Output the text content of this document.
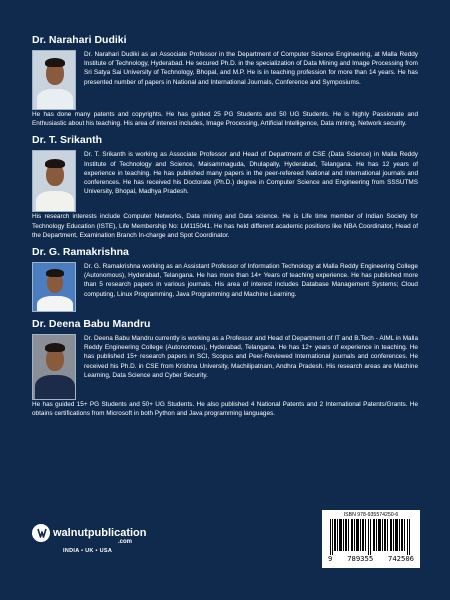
Dr. Narahari Dudiki

Dr. Narahari Dudiki as an Associate Professor in the Department of Computer Science Engineering, at Malla Reddy Institute of Technology, Hyderabad. He secured Ph.D. in the specialization of Data Mining and Image Processing from Sri Satya Sai University of Technology, Bhopal, and M.P. He is in teaching profession for more than 14 years. He has presented number of papers in National and International Journals, Conference and Symposiums.

He has done many patents and copyrights. He has guided 25 PG Students and 50 UG Students. He is highly Passionate and Enthusiastic about his teaching. His area of interest includes, Image Processing, Artificial Intelligence, Data mining, Network security.

Dr. T. Srikanth

Dr. T. Srikanth is working as Associate Professor and Head of Department of CSE (Data Science) in Malla Reddy Institute of Technology and Science, Maisammaguda, Dhulapally, Hyderabad, Telangana. He has 12 years of experience in teaching. He has published many papers in the peer-refereed National and International journals and conferences. He has received his Doctorate (Ph.D.) degree in Computer Science and Engineering from SSSUTMS University, Bhopal, Madhya Pradesh.

His research interests include Computer Networks, Data mining and Data science. He is Life time member of Indian Society for Technology Education (ISTE), Life Membership No: LM115041. He has held different academic positions like NBA Coordinator, Head of the Department, Examination Branch In-charge and Spot Coordinator.

Dr. G. Ramakrishna

Dr. G. Ramakrishna working as an Assistant Professor of Information Technology at Malla Reddy Engineering College (Autonomous), Hyderabad, Telangana. He has more than 14+ Years of teaching experience. He has published more than 5 research papers in various journals. His area of interest includes Database Management Systems; Cloud computing, Linux Programming, Java Programming and Machine Learning.

Dr. Deena Babu Mandru

Dr. Deena Babu Mandru currently is working as a Professor and Head of Department of IT and B.Tech - AIML in Malla Reddy Engineering College (Autonomous), Hyderabad, Telangana. He has 12+ years of experience in teaching. He has published 15+ research papers in SCI, Scopus and Peer-Reviewed International journals and conferences. He received his Ph.D. in CSE from Krishna University, Machilipatnam, Andhra Pradesh. His research areas are Machine Learning, Data Science and Cyber Security.

He has guided 15+ PG Students and 50+ UG Students. He also published 4 National Patents and 2 International Patents/Grants. He obtains certifications from Microsoft in both Python and Java programming languages.

walnutpublication
.com
INDIA • UK • USA
ISBN 978-935574250-6
9 789355 742506
